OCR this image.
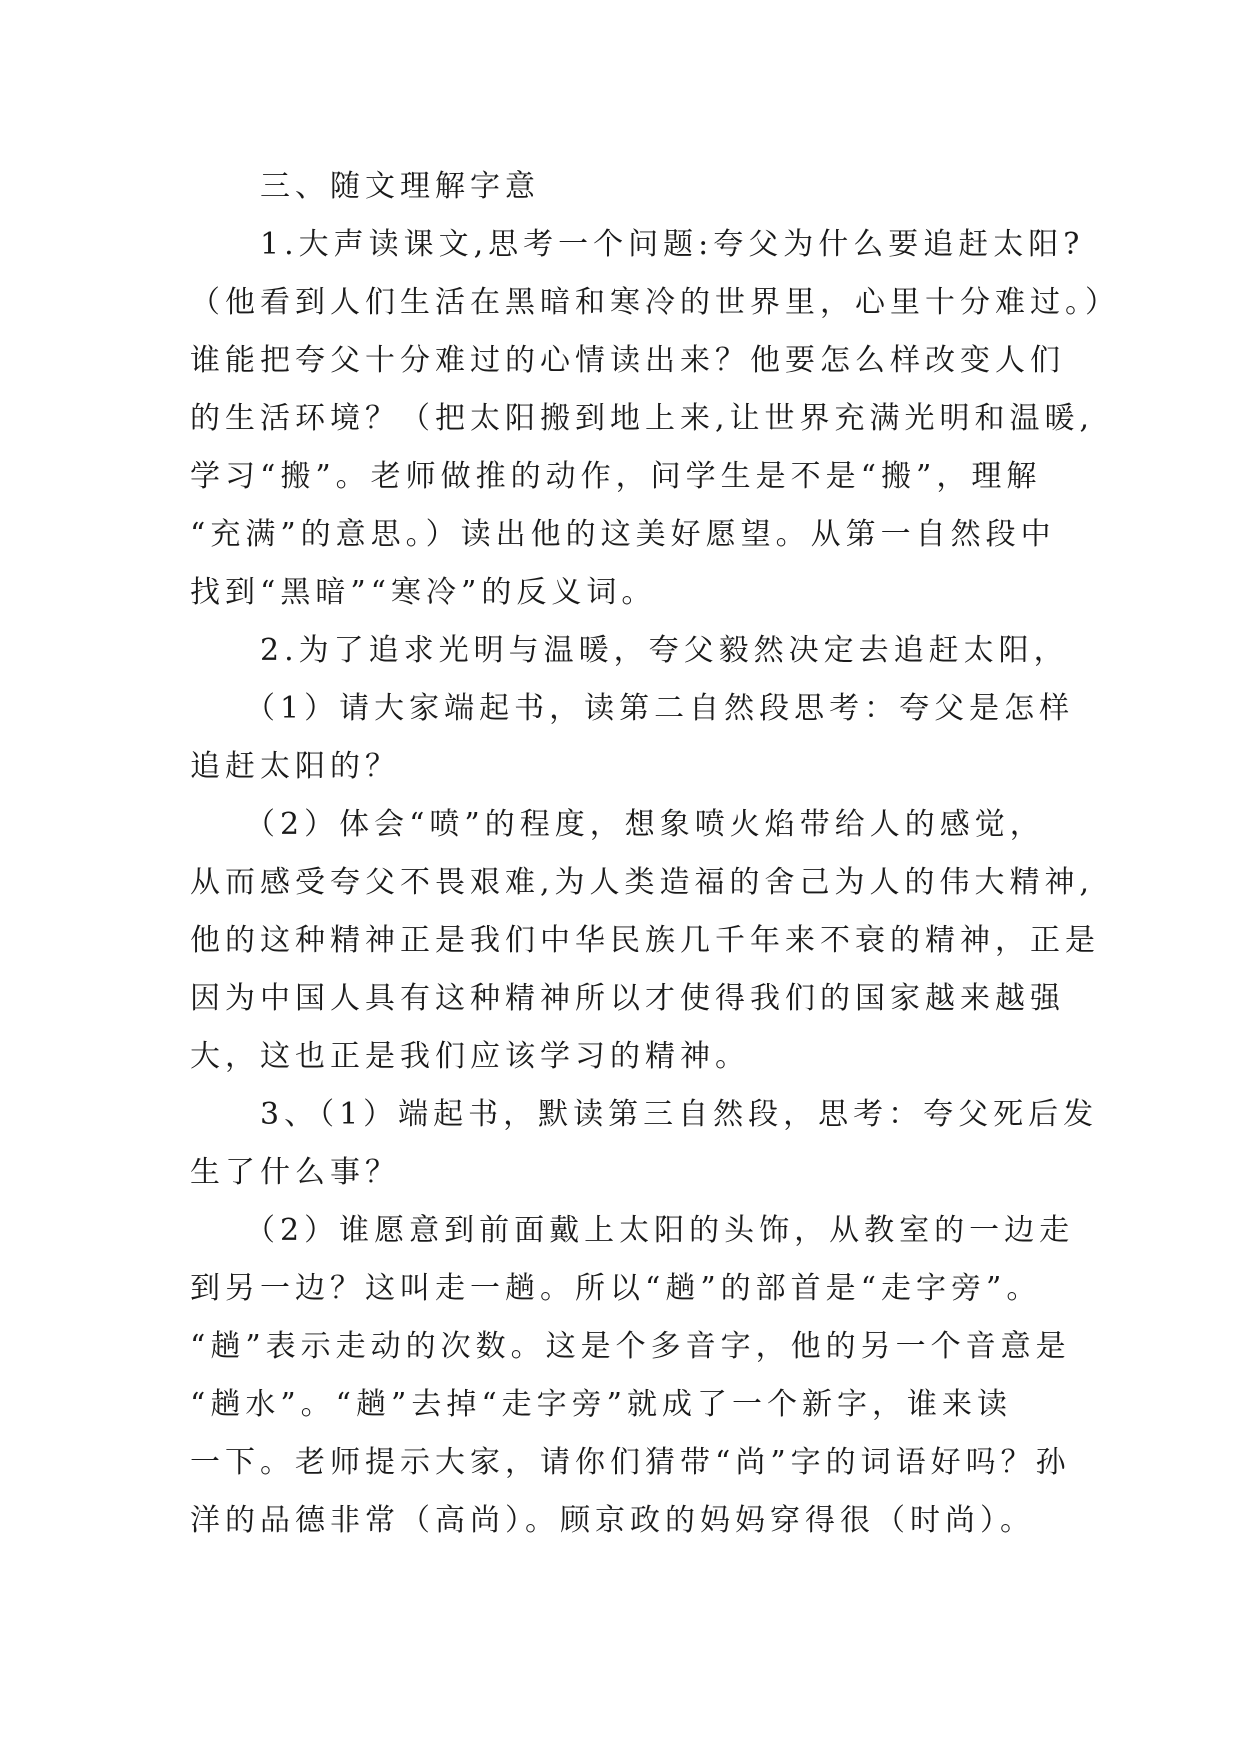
　　三、随文理解字意
　　1.大声读课文,思考一个问题:夸父为什么要追赶太阳?
（他看到人们生活在黑暗和寒冷的世界里，心里十分难过。）
谁能把夸父十分难过的心情读出来？他要怎么样改变人们
的生活环境？（把太阳搬到地上来,让世界充满光明和温暖,
学习“搬”。老师做推的动作，问学生是不是“搬”，理解
“充满”的意思。）读出他的这美好愿望。从第一自然段中
找到“黑暗”“寒冷”的反义词。
　　2.为了追求光明与温暖，夸父毅然决定去追赶太阳，
　　（1）请大家端起书，读第二自然段思考：夸父是怎样
追赶太阳的？
　　（2）体会“喷”的程度，想象喷火焰带给人的感觉，
从而感受夸父不畏艰难,为人类造福的舍己为人的伟大精神,
他的这种精神正是我们中华民族几千年来不衰的精神，正是
因为中国人具有这种精神所以才使得我们的国家越来越强
大，这也正是我们应该学习的精神。
　　3、（1）端起书，默读第三自然段，思考：夸父死后发
生了什么事？
　　（2）谁愿意到前面戴上太阳的头饰，从教室的一边走
到另一边？这叫走一趟。所以“趟”的部首是“走字旁”。
“趟”表示走动的次数。这是个多音字，他的另一个音意是
“趟水”。“趟”去掉“走字旁”就成了一个新字，谁来读
一下。老师提示大家，请你们猜带“尚”字的词语好吗？孙
洋的品德非常（高尚）。顾京政的妈妈穿得很（时尚）。
